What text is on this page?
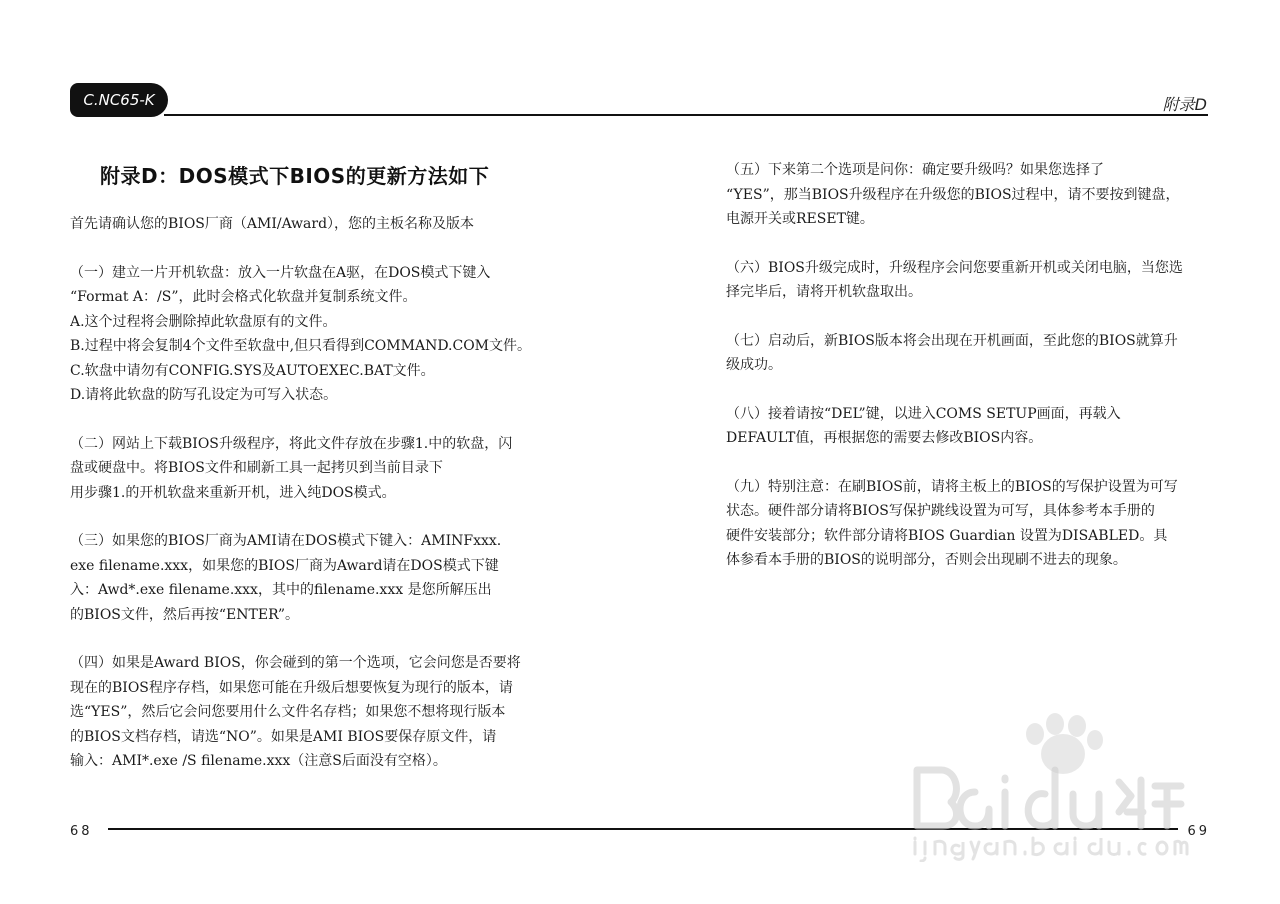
C.NC65-K	附录D
附录D：DOS模式下BIOS的更新方法如下
首先请确认您的BIOS厂商（AMI/Award），您的主板名称及版本
（一）建立一片开机软盘：放入一片软盘在A驱，在DOS模式下键入
“Format A：/S”，此时会格式化软盘并复制系统文件。
A.这个过程将会删除掉此软盘原有的文件。
B.过程中将会复制4个文件至软盘中,但只看得到COMMAND.COM文件。
C.软盘中请勿有CONFIG.SYS及AUTOEXEC.BAT文件。
D.请将此软盘的防写孔设定为可写入状态。
（二）网站上下载BIOS升级程序，将此文件存放在步骤1.中的软盘，闪
盘或硬盘中。将BIOS文件和刷新工具一起拷贝到当前目录下
用步骤1.的开机软盘来重新开机，进入纯DOS模式。
（三）如果您的BIOS厂商为AMI请在DOS模式下键入：AMINFxxx.
exe filename.xxx，如果您的BIOS厂商为Award请在DOS模式下键
入：Awd*.exe filename.xxx，其中的filename.xxx 是您所解压出
的BIOS文件，然后再按“ENTER”。
（四）如果是Award BIOS，你会碰到的第一个选项，它会问您是否要将
现在的BIOS程序存档，如果您可能在升级后想要恢复为现行的版本，请
选“YES”，然后它会问您要用什么文件名存档；如果您不想将现行版本
的BIOS文档存档，请选“NO”。如果是AMI BIOS要保存原文件，请
输入：AMI*.exe /S filename.xxx（注意S后面没有空格）。
（五）下来第二个选项是问你：确定要升级吗？如果您选择了
“YES”，那当BIOS升级程序在升级您的BIOS过程中，请不要按到键盘，
电源开关或RESET键。
（六）BIOS升级完成时，升级程序会问您要重新开机或关闭电脑，当您选
择完毕后，请将开机软盘取出。
（七）启动后，新BIOS版本将会出现在开机画面，至此您的BIOS就算升
级成功。
（八）接着请按“DEL”键，以进入COMS SETUP画面，再载入
DEFAULT值，再根据您的需要去修改BIOS内容。
（九）特别注意：在刷BIOS前，请将主板上的BIOS的写保护设置为可写
状态。硬件部分请将BIOS写保护跳线设置为可写，具体参考本手册的
硬件安装部分；软件部分请将BIOS Guardian 设置为DISABLED。具
体参看本手册的BIOS的说明部分，否则会出现刷不进去的现象。
68	69
